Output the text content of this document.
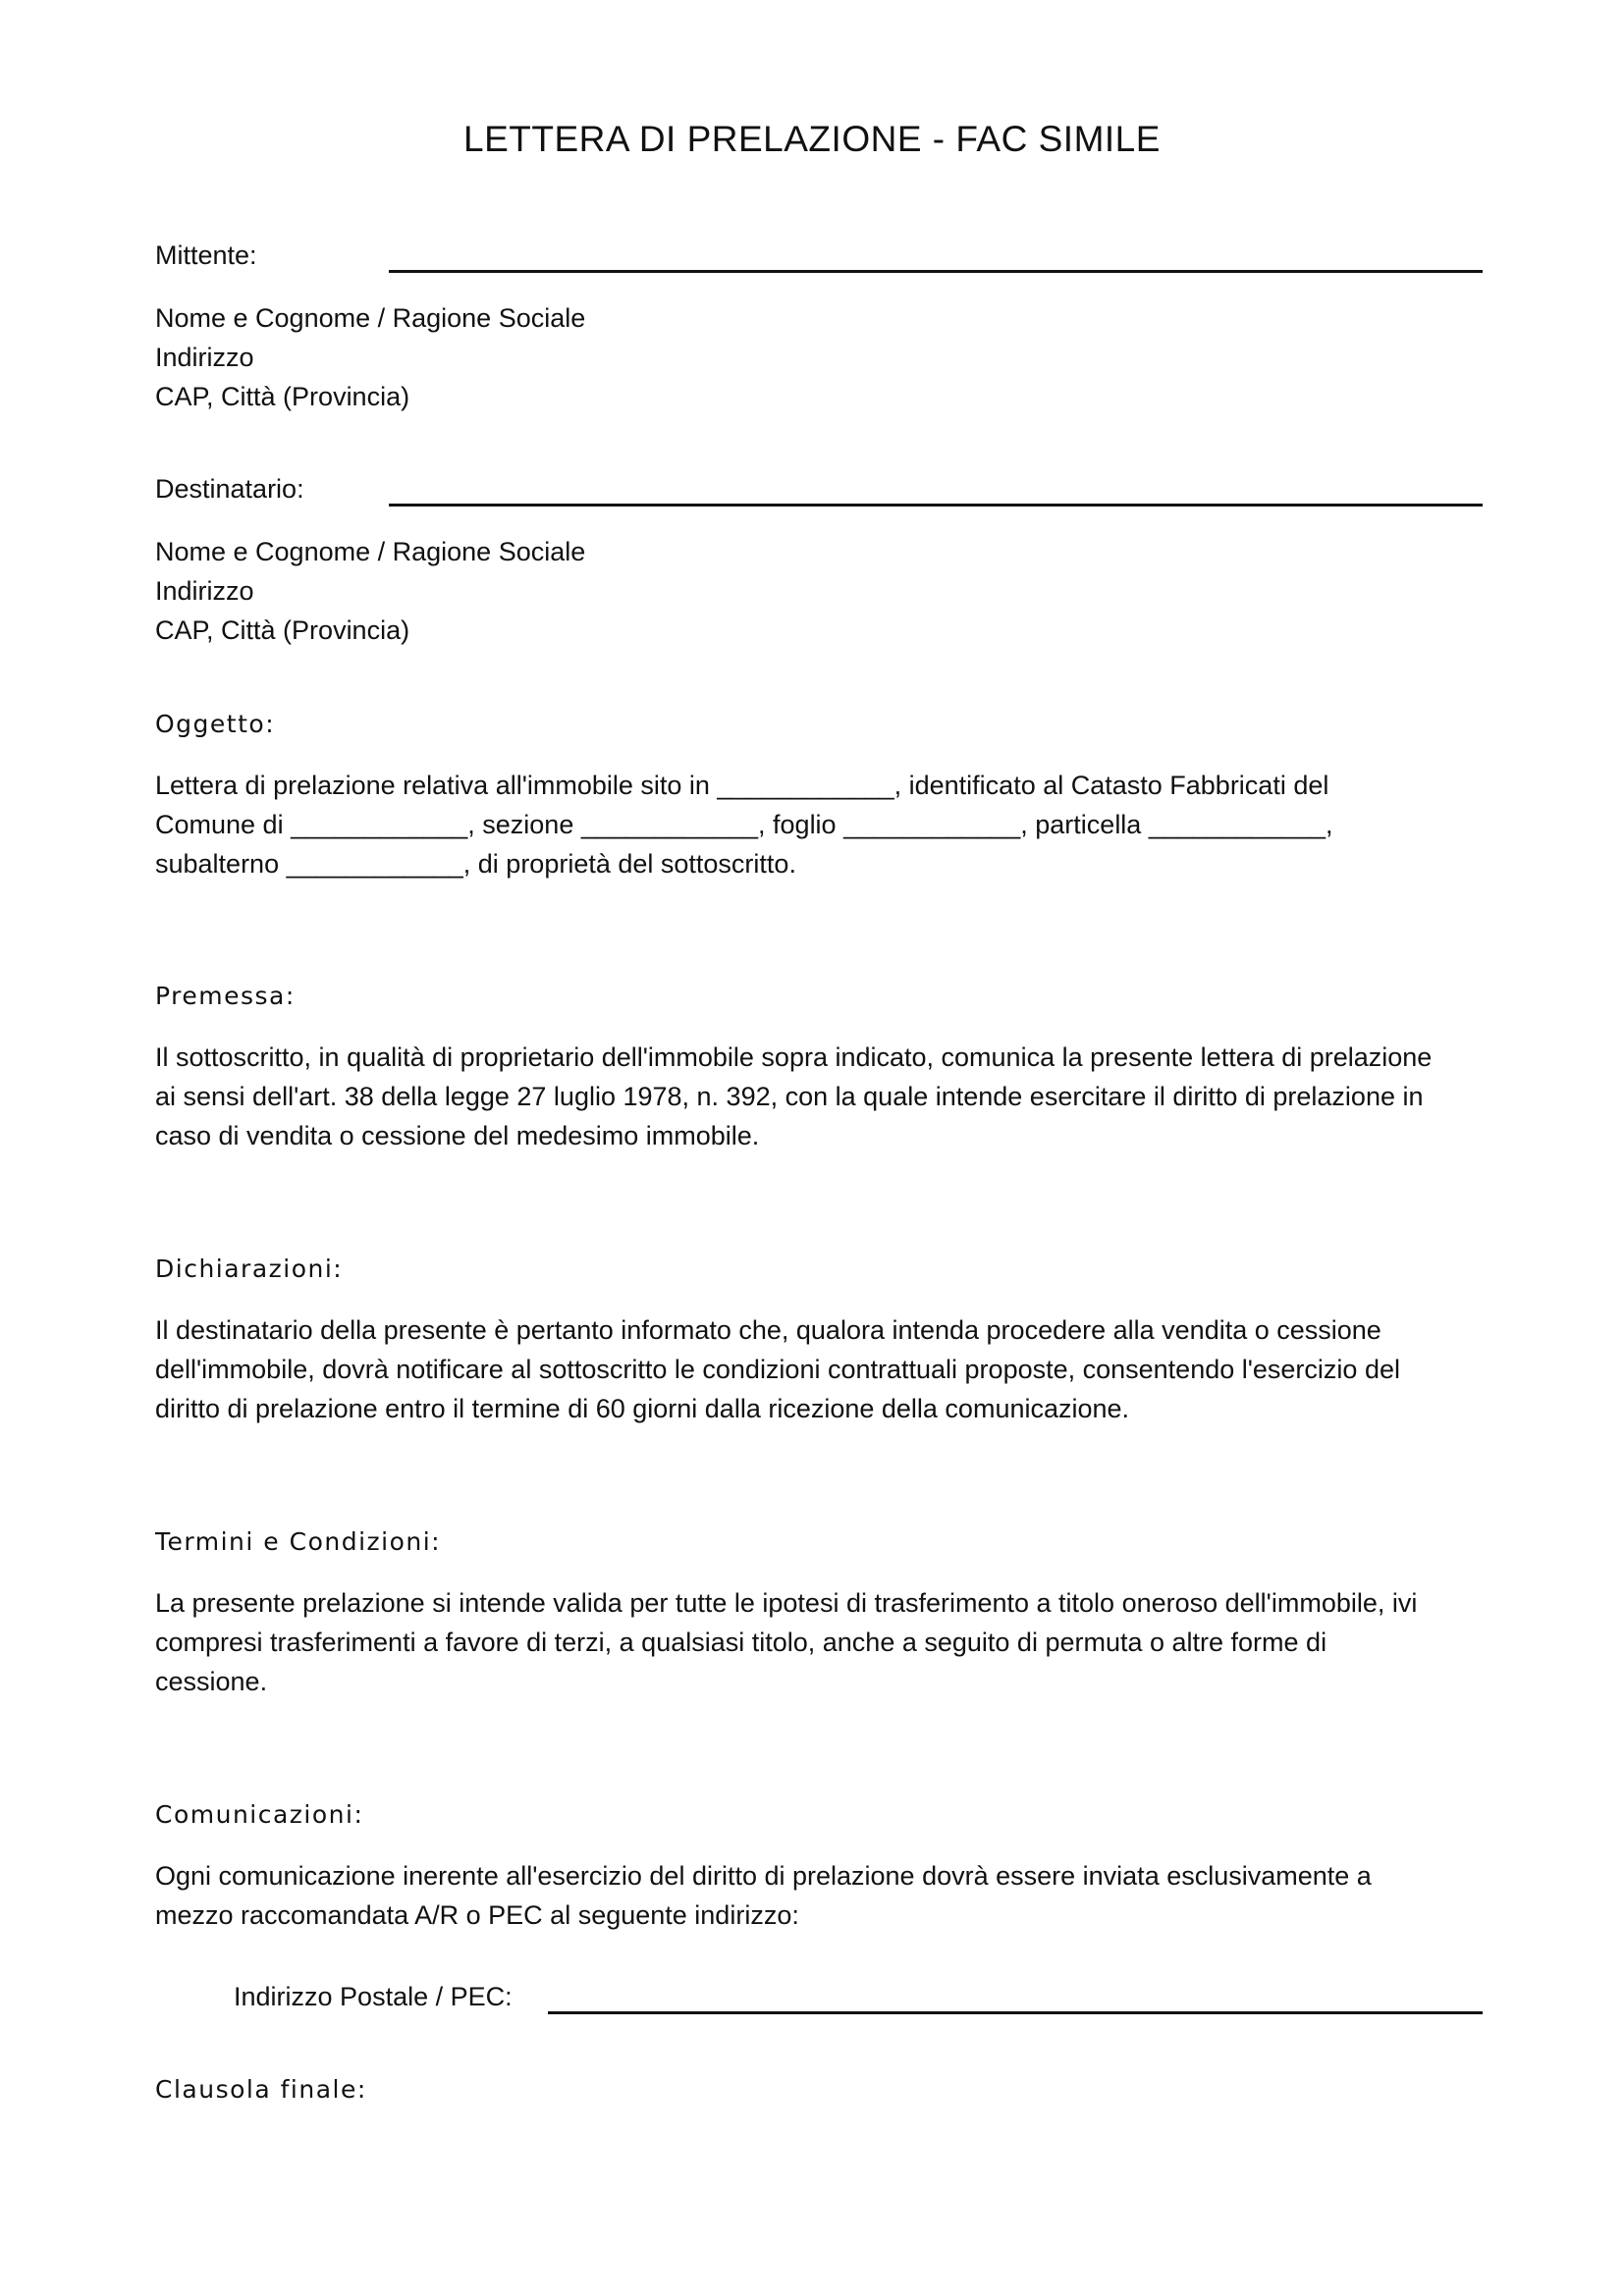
LETTERA DI PRELAZIONE - FAC SIMILE
Mittente:
Nome e Cognome / Ragione Sociale
Indirizzo
CAP, Città (Provincia)
Destinatario:
Nome e Cognome / Ragione Sociale
Indirizzo
CAP, Città (Provincia)
Oggetto:
Lettera di prelazione relativa all'immobile sito in ____________, identificato al Catasto Fabbricati del
Comune di ____________, sezione ____________, foglio ____________, particella ____________,
subalterno ____________, di proprietà del sottoscritto.
Premessa:
Il sottoscritto, in qualità di proprietario dell'immobile sopra indicato, comunica la presente lettera di prelazione
ai sensi dell'art. 38 della legge 27 luglio 1978, n. 392, con la quale intende esercitare il diritto di prelazione in
caso di vendita o cessione del medesimo immobile.
Dichiarazioni:
Il destinatario della presente è pertanto informato che, qualora intenda procedere alla vendita o cessione
dell'immobile, dovrà notificare al sottoscritto le condizioni contrattuali proposte, consentendo l'esercizio del
diritto di prelazione entro il termine di 60 giorni dalla ricezione della comunicazione.
Termini e Condizioni:
La presente prelazione si intende valida per tutte le ipotesi di trasferimento a titolo oneroso dell'immobile, ivi
compresi trasferimenti a favore di terzi, a qualsiasi titolo, anche a seguito di permuta o altre forme di
cessione.
Comunicazioni:
Ogni comunicazione inerente all'esercizio del diritto di prelazione dovrà essere inviata esclusivamente a
mezzo raccomandata A/R o PEC al seguente indirizzo:
Indirizzo Postale / PEC:
Clausola finale:
